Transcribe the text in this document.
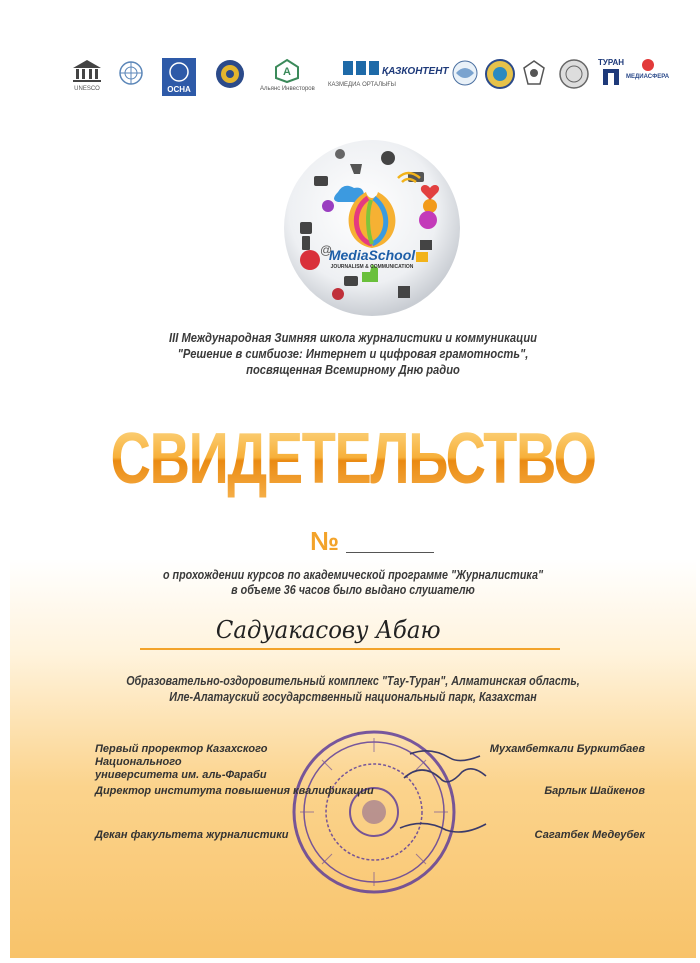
UNESCO	OCHA
A
Альянс Инвесторов
КАЗМЕДИА ОРТАЛЫҒЫ
ҚАЗКОНТЕНТ
ТУРАН
МЕДИАСФЕРА
@
MediaSchool
JOURNALISM & COMMUNICATION
III Международная Зимняя школа журналистики и коммуникации
"Решение в симбиозе: Интернет и цифровая грамотность",
посвященная Всемирному Дню радио
СВИДЕТЕЛЬСТВО
№
о прохождении курсов по академической программе "Журналистика"
в объеме 36 часов было выдано слушателю
Садуакасову Абаю
Образовательно-оздоровительный комплекс "Тау-Туран", Алматинская область,
Иле-Алатауский государственный национальный парк, Казахстан
Первый проректор Казахского Национального
университета им. аль-Фараби
Мухамбеткали Буркитбаев
Директор института повышения квалификации	Барлык Шайкенов
Декан факультета журналистики	Сагатбек Медеубек
